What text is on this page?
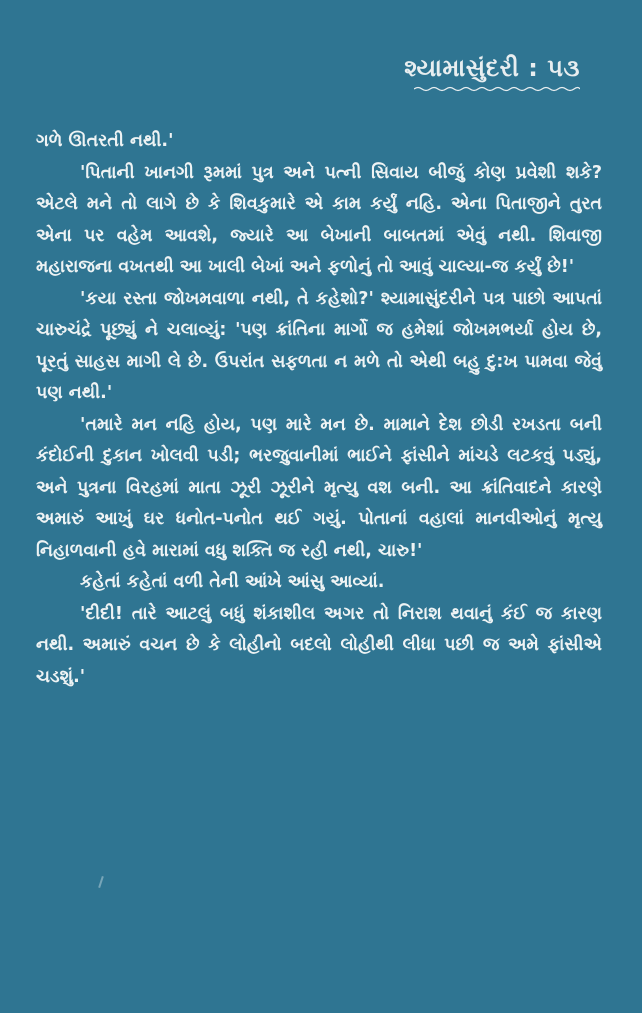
શ્યામાસુંદરી : ૫૩

ગળે ઊતરતી નથી.'

'પિતાની ખાનગી રૂમમાં પુત્ર અને પત્ની સિવાય બીજું કોણ પ્રવેશી શકે? એટલે મને તો લાગે છે કે શિવકુમારે એ કામ કર્યું નહિ. એના પિતાજીને તુરત એના પર વહેમ આવશે, જ્યારે આ બેખાની બાબતમાં એવું નથી. શિવાજી મહારાજના વખતથી આ ખાલી બેખાં અને ફળોનું તો આવું ચાલ્યા-જ કર્યું છે!'

'કયા રસ્તા જોખમવાળા નથી, તે કહેશો?' શ્યામાસુંદરીને પત્ર પાછો આપતાં ચારુચંદ્રે પૂછ્યું ને ચલાવ્યું: 'પણ ક્રાંતિના માર્ગો જ હમેશાં જોખમભર્યા હોય છે, પૂરતું સાહસ માગી લે છે. ઉપરાંત સફળતા ન મળે તો એથી બહુ દુ:ખ પામવા જેવું પણ નથી.'

'તમારે મન નહિ હોય, પણ મારે મન છે. મામાને દેશ છોડી રખડતા બની કંદોઈની દુકાન ખોલવી પડી; ભરજુવાનીમાં ભાઈને ફાંસીને માંચડે લટકવું પડ્યું, અને પુત્રના વિરહમાં માતા ઝૂરી ઝૂરીને મૃત્યુ વશ બની. આ ક્રાંતિવાદને કારણે અમારું આખું ઘર ધનોત-પનોત થઈ ગયું. પોતાનાં વહાલાં માનવીઓનું મૃત્યુ નિહાળવાની હવે મારામાં વધુ શક્તિ જ રહી નથી, ચારુ!'

કહેતાં કહેતાં વળી તેની આંખે આંસુ આવ્યાં.

'દીદી! તારે આટલું બધું શંકાશીલ અગર તો નિરાશ થવાનું કંઈ જ કારણ નથી. અમારું વચન છે કે લોહીનો બદલો લોહીથી લીધા પછી જ અમે ફાંસીએ ચડશું.'
